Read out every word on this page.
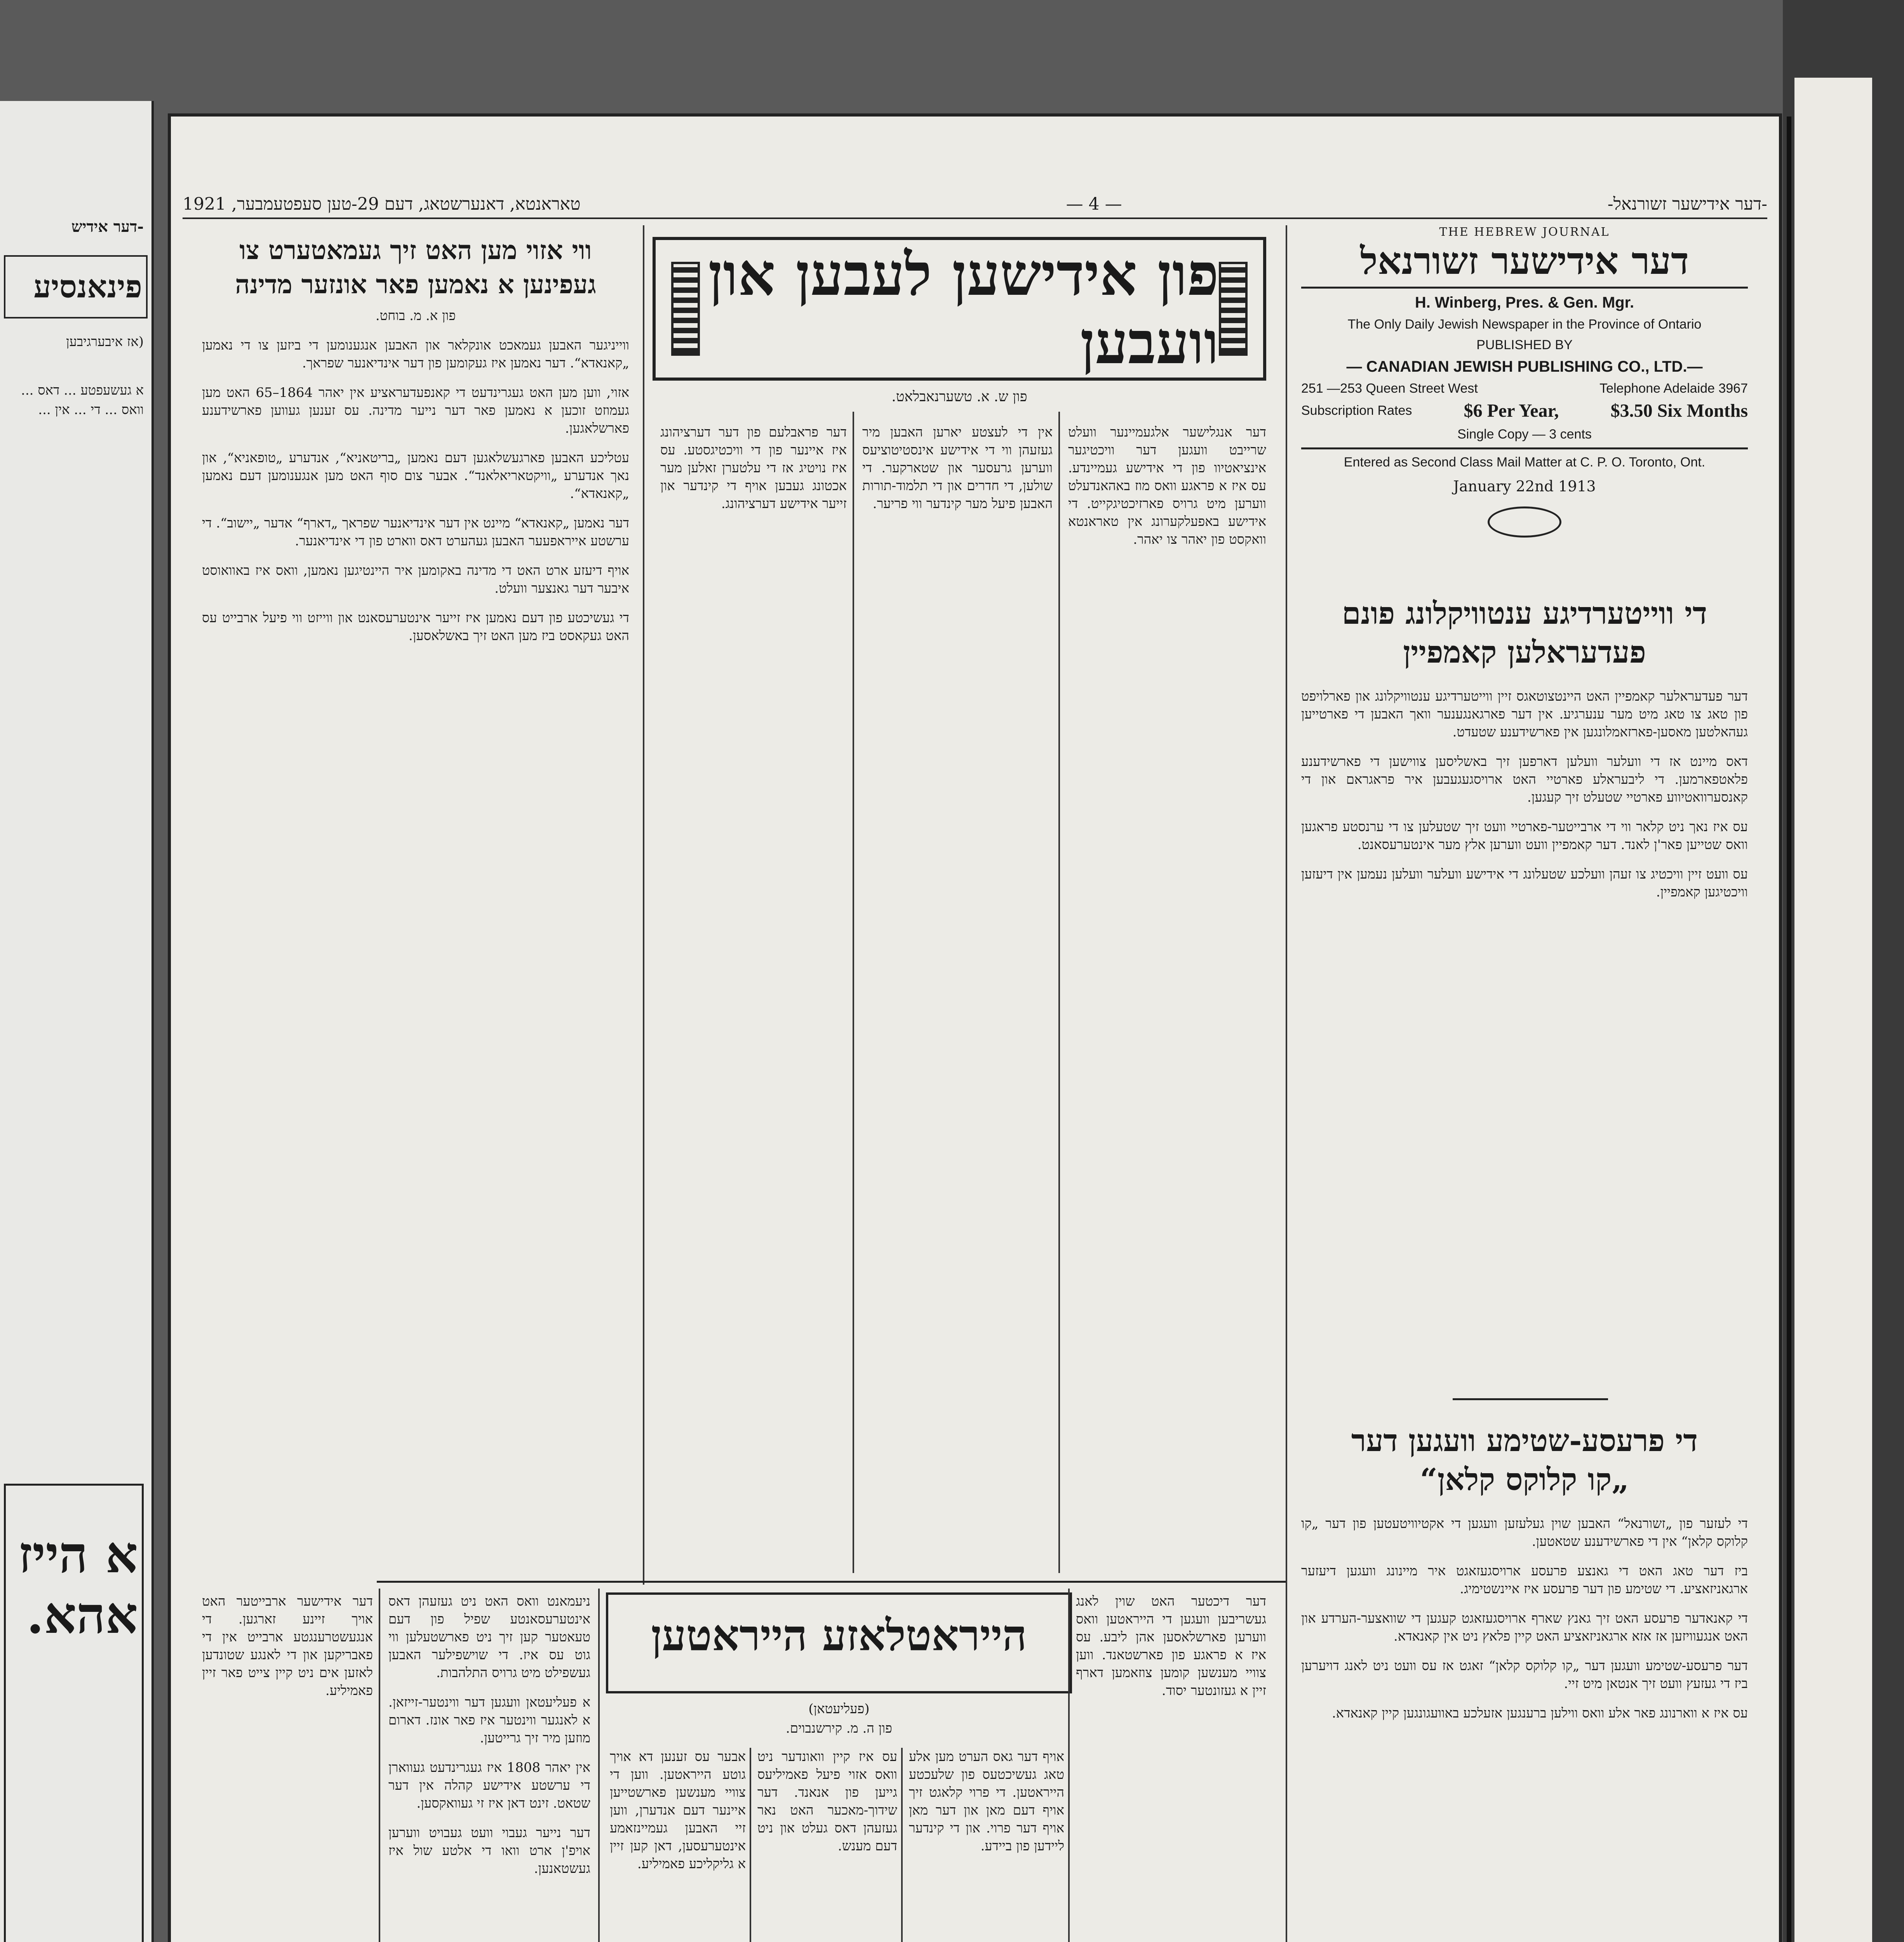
-דער אידיש
פינאנסיע
(אז איבערגיבען
א געשעפטע ... דאס ... וואס ... די ... אין ...
א הייז
אהא.
-דער אידישער זשורנאל-
— 4 —
טאראנטא, דאנערשטאג, דעם 29-טען סעפטעמבער, 1921
THE HEBREW JOURNAL
דער אידישער זשורנאל
H. Winberg, Pres. & Gen. Mgr.
The Only Daily Jewish Newspaper in the Province of Ontario
PUBLISHED BY
— CANADIAN JEWISH PUBLISHING CO., LTD.—
251 —253 Queen Street West	Telephone Adelaide 3967
Subscription Rates	$6 Per Year,	$3.50 Six Months
Single Copy — 3 cents
Entered as Second Class Mail Matter at C. P. O. Toronto, Ont.
January 22nd 1913
די ווייטערדיגע ענטוויקלונג פונם
פעדעראלען קאמפיין

דער פעדעראלער קאמפיין האט היינטצוטאגס זיין ווייטערדיגע ענטוויקלונג און פארלויפט פון טאג צו טאג מיט מער ענערגיע. אין דער פארגאנגענער וואך האבען די פארטייען געהאלטען מאסען-פארזאמלונגען אין פארשידענע שטעדט.

דאס מיינט אז די וועלער וועלען דארפען זיך באשליסען צווישען די פארשידענע פלאטפארמען. די ליבעראלע פארטיי האט ארויסגעגעבען איר פראגראם און די קאנסערוואטיווע פארטיי שטעלט זיך קעגען.

עס איז נאך ניט קלאר ווי די ארבייטער-פארטיי וועט זיך שטעלען צו די ערנסטע פראגען וואס שטייען פאר'ן לאנד. דער קאמפיין וועט ווערען אלץ מער אינטערעסאנט.

עס וועט זיין וויכטיג צו זעהן וועלכע שטעלונג די אידישע וועלער וועלען נעמען אין דיעזען וויכטיגען קאמפיין.

די פרעסע-שטימע וועגען דער
„קו קלוקס קלאן“

די לעזער פון „זשורנאל“ האבען שוין געלעזען וועגען די אקטיוויטעטען פון דער „קו קלוקס קלאן“ אין די פארשידענע שטאטען.

ביז דער טאג האט די גאנצע פרעסע ארויסגעזאגט איר מיינונג וועגען דיעזער ארגאניזאציע. די שטימע פון דער פרעסע איז איינשטימיג.

די קאנאדער פרעסע האט זיך גאנץ שארף ארויסגעזאגט קעגען די שוואצער-הערדע און האט אנגעוויזען אז אזא ארגאניזאציע האט קיין פלאץ ניט אין קאנאדא.

דער פרעסע-שטימע וועגען דער „קו קלוקס קלאן“ זאגט אז עס וועט ניט לאנג דויערען ביז די געזעץ וועט זיך אנטאן מיט זיי.

עס איז א ווארנונג פאר אלע וואס ווילען ברענגען אזעלכע באוועגונגען קיין קאנאדא.

פון אידישען לעבען און וועבען
פון ש. א. טשערנאבלאט.
דער אנגלישער אלגעמיינער וועלט שרייבט וועגען דער וויכטיגער אינציאטיוו פון די אידישע געמיינדע. עס איז א פראגע וואס מוז באהאנדעלט ווערען מיט גרויס פארזיכטיגקייט. די אידישע באפעלקערונג אין טאראנטא וואקסט פון יאהר צו יאהר.
אין די לעצטע יארען האבען מיר געזעהן ווי די אידישע אינסטיטוציעס ווערען גרעסער און שטארקער. די שולען, די חדרים און די תלמוד-תורות האבען פיעל מער קינדער ווי פריער.
דער פראבלעם פון דער דערציהונג איז איינער פון די וויכטיגסטע. עס איז נויטיג אז די עלטערן זאלען מער אכטונג געבען אויף די קינדער און זייער אידישע דערציהונג.
ווי אזוי מען האט זיך געמאטערט צו
געפינען א נאמען פאר אונזער מדינה
פון א. מ. בוחט.

ווייניגער האבען געמאכט אונקלאר און האבען אנגענומען די ביזען צו די נאמען „קאנאדא“. דער נאמען איז געקומען פון דער אינדיאנער שפראך.

אזוי, ווען מען האט געגרינדעט די קאנפעדעראציע אין יאהר 1864–65 האט מען געמוזט זוכען א נאמען פאר דער נייער מדינה. עס זענען געווען פארשידענע פארשלאגען.

עטליכע האבען פארגעשלאגען דעם נאמען „בריטאניא“, אנדערע „טופאניא“, און נאך אנדערע „וויקטאריאלאנד“. אבער צום סוף האט מען אנגענומען דעם נאמען „קאנאדא“.

דער נאמען „קאנאדא“ מיינט אין דער אינדיאנער שפראך „דארף“ אדער „יישוב“. די ערשטע אייראפעער האבען געהערט דאס ווארט פון די אינדיאנער.

אויף דיעזע ארט האט די מדינה באקומען איר היינטיגען נאמען, וואס איז באוואוסט איבער דער גאנצער וועלט.

די געשיכטע פון דעם נאמען איז זייער אינטערעסאנט און ווייזט ווי פיעל ארבייט עס האט געקאסט ביז מען האט זיך באשלאסען.

הייראטלאזע הייראטען
(פעליעטאן)
פון ה. מ. קירשנבוים.
דער דיכטער האט שוין לאנג געשריבען וועגען די הייראטען וואס ווערען פארשלאסען אהן ליבע. עס איז א פראגע פון פארשטאנד. ווען צוויי מענשען קומען צוזאמען דארף זיין א געזונטער יסוד.
אויף דער גאס הערט מען אלע טאג געשיכטעס פון שלעכטע הייראטען. די פרוי קלאגט זיך אויף דעם מאן און דער מאן אויף דער פרוי. און די קינדער ליידען פון ביידע.
עס איז קיין וואונדער ניט וואס אזוי פיעל פאמיליעס גייען פון אנאנד. דער שידוך-מאכער האט נאר געזעהן דאס געלט און ניט דעם מענש.
אבער עס זענען דא אויך גוטע הייראטען. ווען די צוויי מענשען פארשטייען איינער דעם אנדערן, ווען זיי האבען געמיינזאמע אינטערעסען, דאן קען זיין א גליקליכע פאמיליע.

ניעמאנט וואס האט ניט געזעהן דאס אינטערעסאנטע שפיל פון דעם טעאטער קען זיך ניט פארשטעלען ווי גוט עס איז. די שוישפילער האבען געשפילט מיט גרויס התלהבות.

א פעליעטאן וועגען דער ווינטער-זייזאן. א לאנגער ווינטער איז פאר אונז. דארום מוזען מיר זיך גרייטען.

אין יאהר 1808 איז געגרינדעט געווארן די ערשטע אידישע קהלה אין דער שטאט. זינט דאן איז זי געוואקסען.

דער נייער געבוי וועט געבויט ווערען אויפ'ן ארט וואו די אלטע שול איז געשטאנען.

דער אידישער ארבייטער האט אויך זיינע זארגען. די אנגעשטרענגטע ארבייט אין די פאבריקען און די לאנגע שטונדען לאזען אים ניט קיין צייט פאר זיין פאמיליע.
